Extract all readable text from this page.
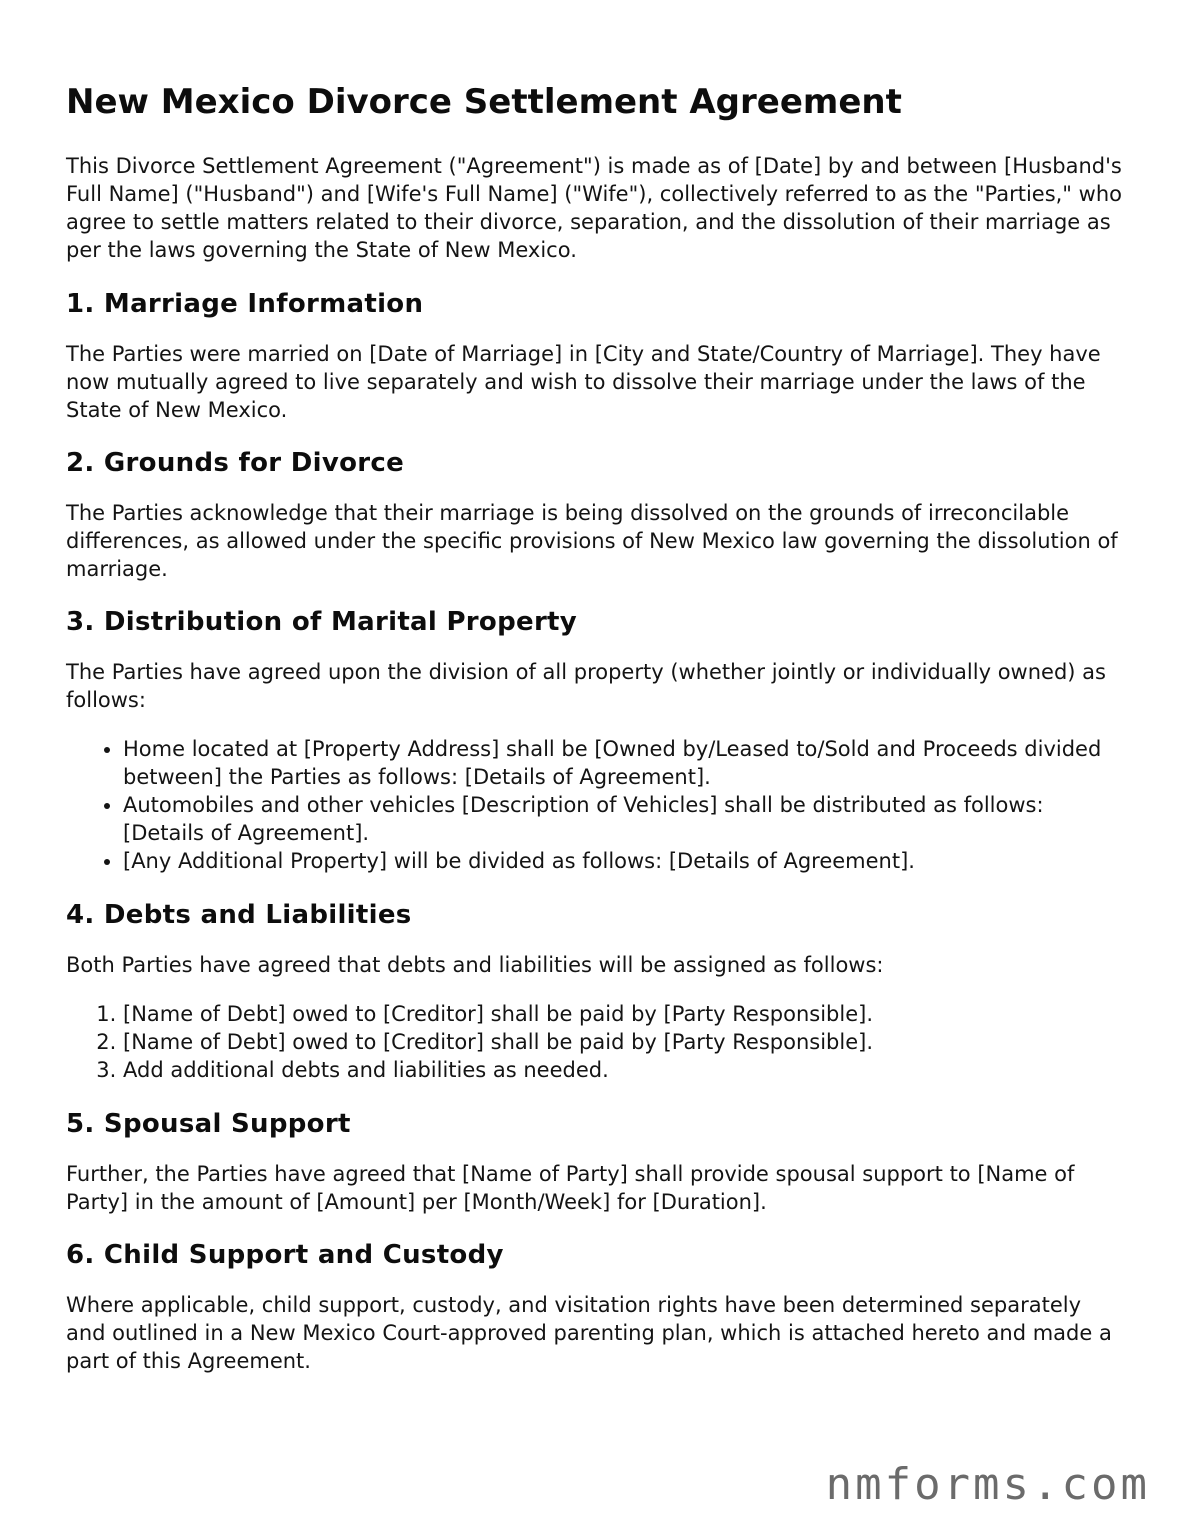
New Mexico Divorce Settlement Agreement

This Divorce Settlement Agreement ("Agreement") is made as of [Date] by and between [Husband's Full Name] ("Husband") and [Wife's Full Name] ("Wife"), collectively referred to as the "Parties," who agree to settle matters related to their divorce, separation, and the dissolution of their marriage as per the laws governing the State of New Mexico.

1. Marriage Information

The Parties were married on [Date of Marriage] in [City and State/Country of Marriage]. They have now mutually agreed to live separately and wish to dissolve their marriage under the laws of the State of New Mexico.

2. Grounds for Divorce

The Parties acknowledge that their marriage is being dissolved on the grounds of irreconcilable differences, as allowed under the specific provisions of New Mexico law governing the dissolution of marriage.

3. Distribution of Marital Property

The Parties have agreed upon the division of all property (whether jointly or individually owned) as follows:

• Home located at [Property Address] shall be [Owned by/Leased to/Sold and Proceeds divided between] the Parties as follows: [Details of Agreement].
• Automobiles and other vehicles [Description of Vehicles] shall be distributed as follows: [Details of Agreement].
• [Any Additional Property] will be divided as follows: [Details of Agreement].
4. Debts and Liabilities

Both Parties have agreed that debts and liabilities will be assigned as follows:

1. [Name of Debt] owed to [Creditor] shall be paid by [Party Responsible].
2. [Name of Debt] owed to [Creditor] shall be paid by [Party Responsible].
3. Add additional debts and liabilities as needed.
5. Spousal Support

Further, the Parties have agreed that [Name of Party] shall provide spousal support to [Name of Party] in the amount of [Amount] per [Month/Week] for [Duration].

6. Child Support and Custody

Where applicable, child support, custody, and visitation rights have been determined separately and outlined in a New Mexico Court-approved parenting plan, which is attached hereto and made a part of this Agreement.

nmforms.com
